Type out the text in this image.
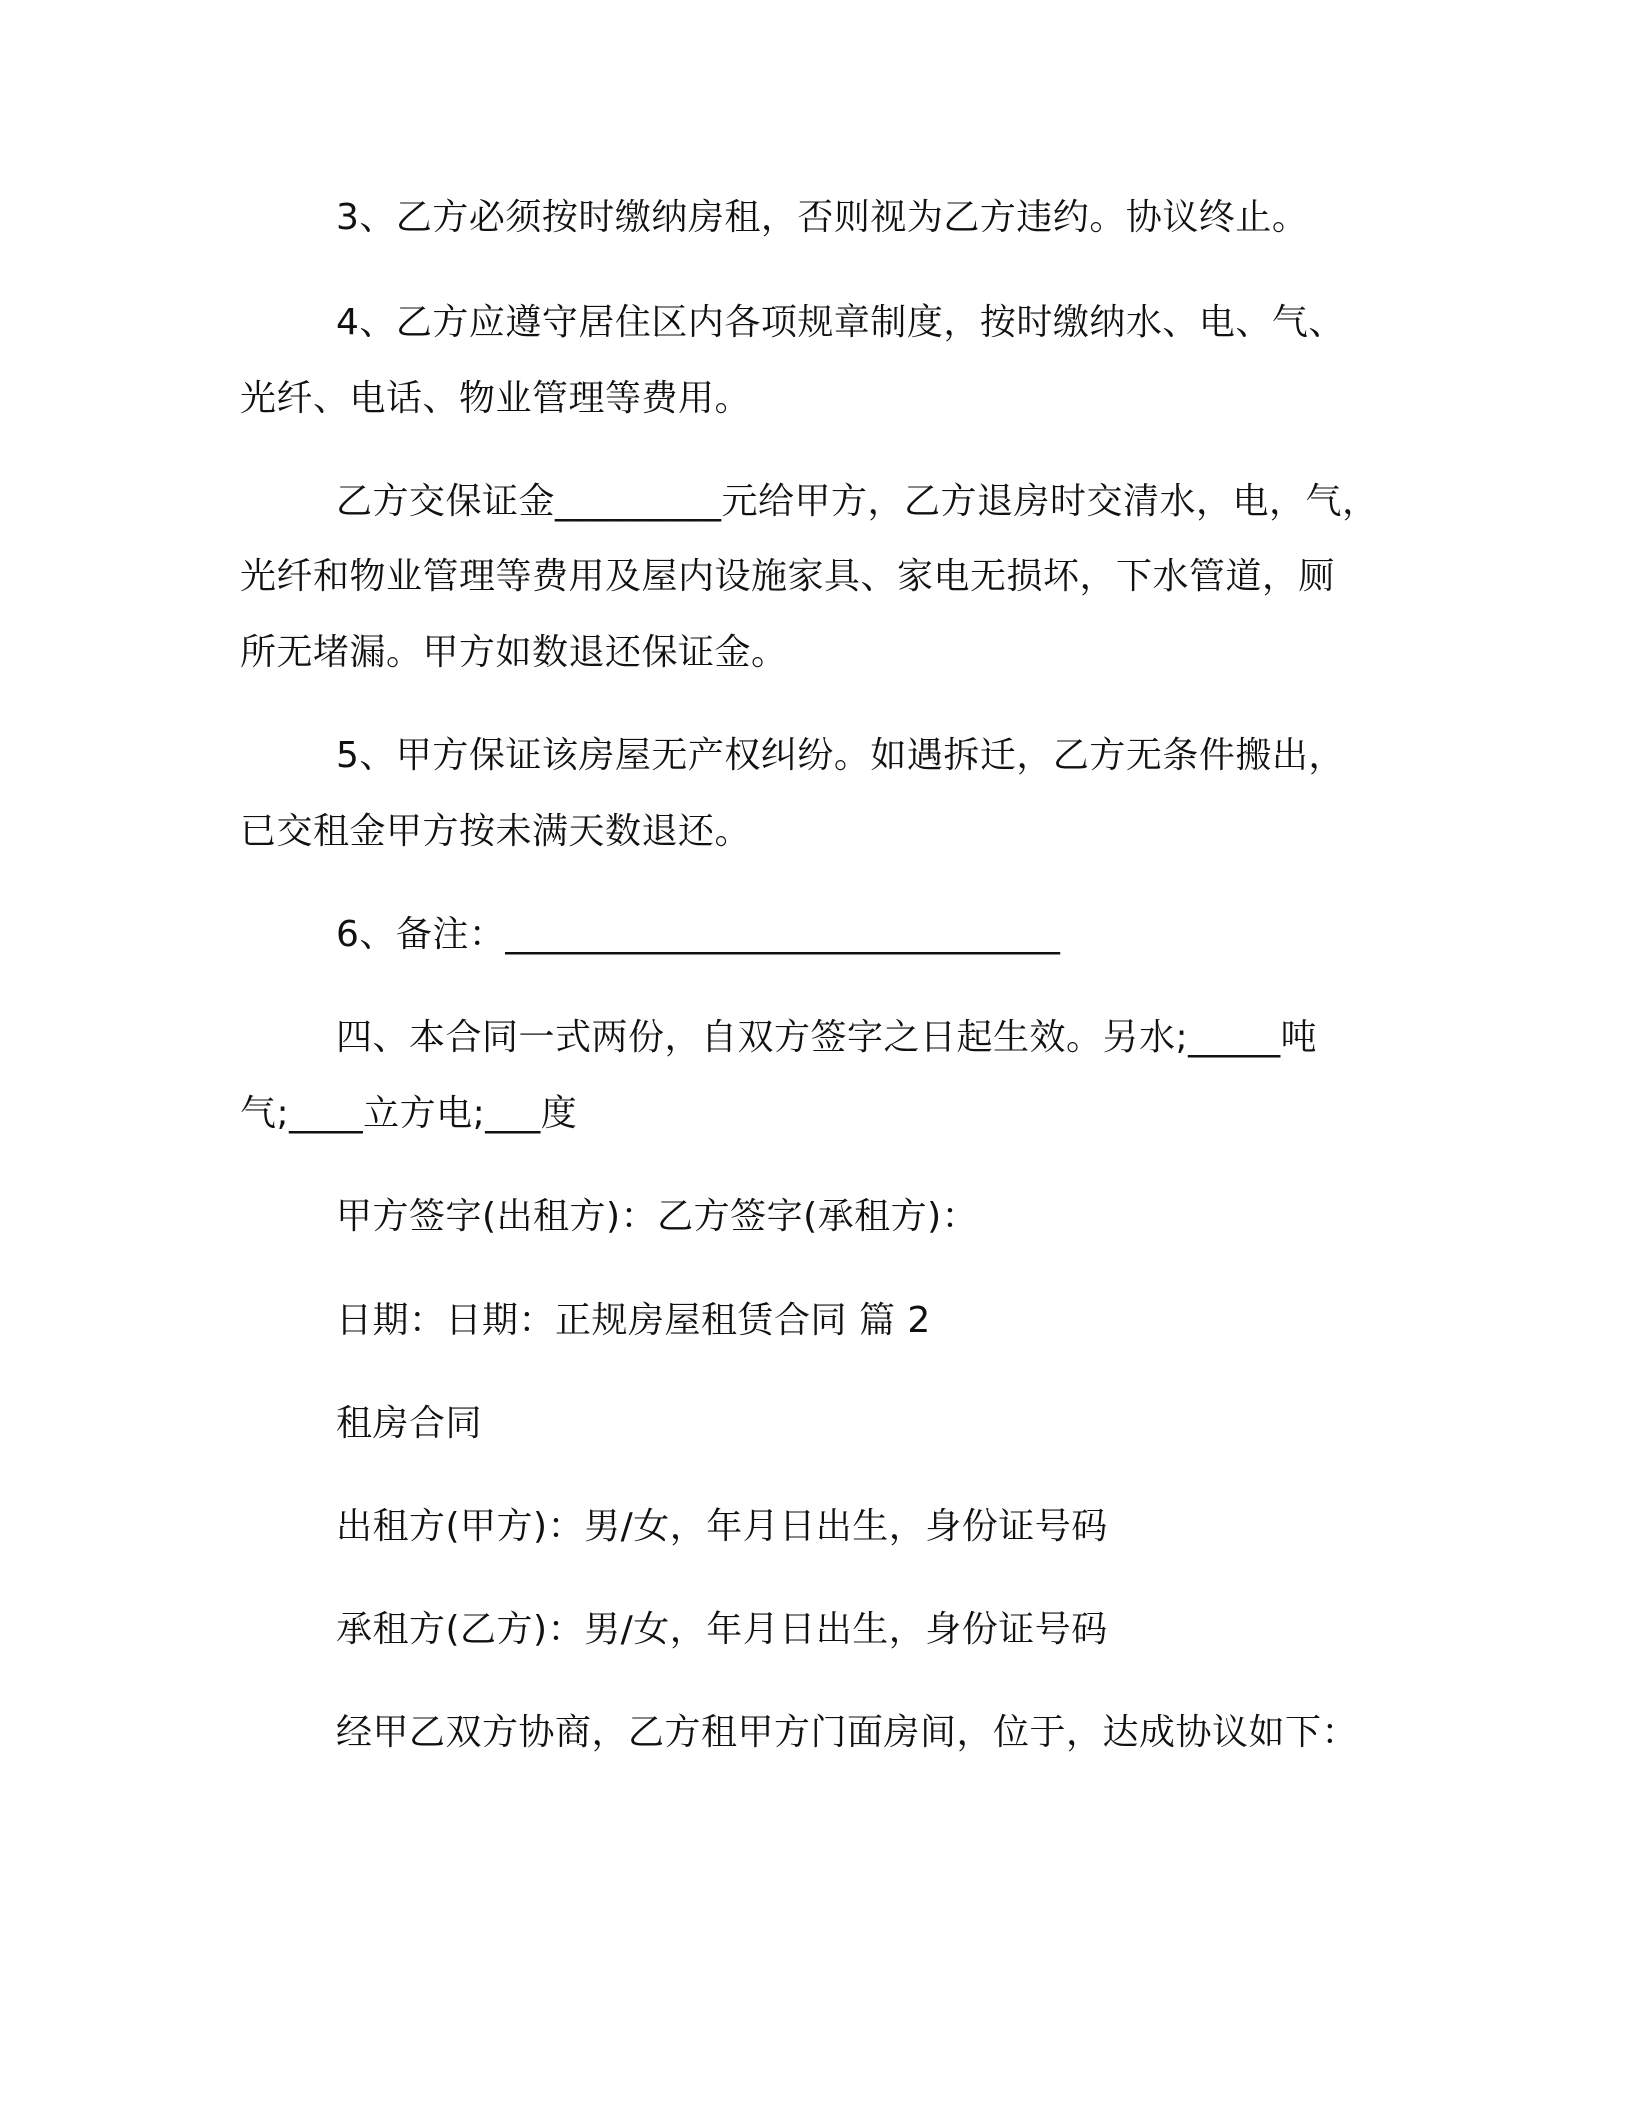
3、乙方必须按时缴纳房租，否则视为乙方违约。协议终止。
4、乙方应遵守居住区内各项规章制度，按时缴纳水、电、气、
光纤、电话、物业管理等费用。
乙方交保证金_________元给甲方，乙方退房时交清水，电，气，
光纤和物业管理等费用及屋内设施家具、家电无损坏，下水管道，厕
所无堵漏。甲方如数退还保证金。
5、甲方保证该房屋无产权纠纷。如遇拆迁，乙方无条件搬出，
已交租金甲方按未满天数退还。
6、备注：______________________________
四、本合同一式两份，自双方签字之日起生效。另水;_____吨
气;____立方电;___度
甲方签字(出租方)：乙方签字(承租方)：
日期：日期：正规房屋租赁合同 篇 2
租房合同
出租方(甲方)：男/女，年月日出生，身份证号码
承租方(乙方)：男/女，年月日出生，身份证号码
经甲乙双方协商，乙方租甲方门面房间，位于，达成协议如下：
